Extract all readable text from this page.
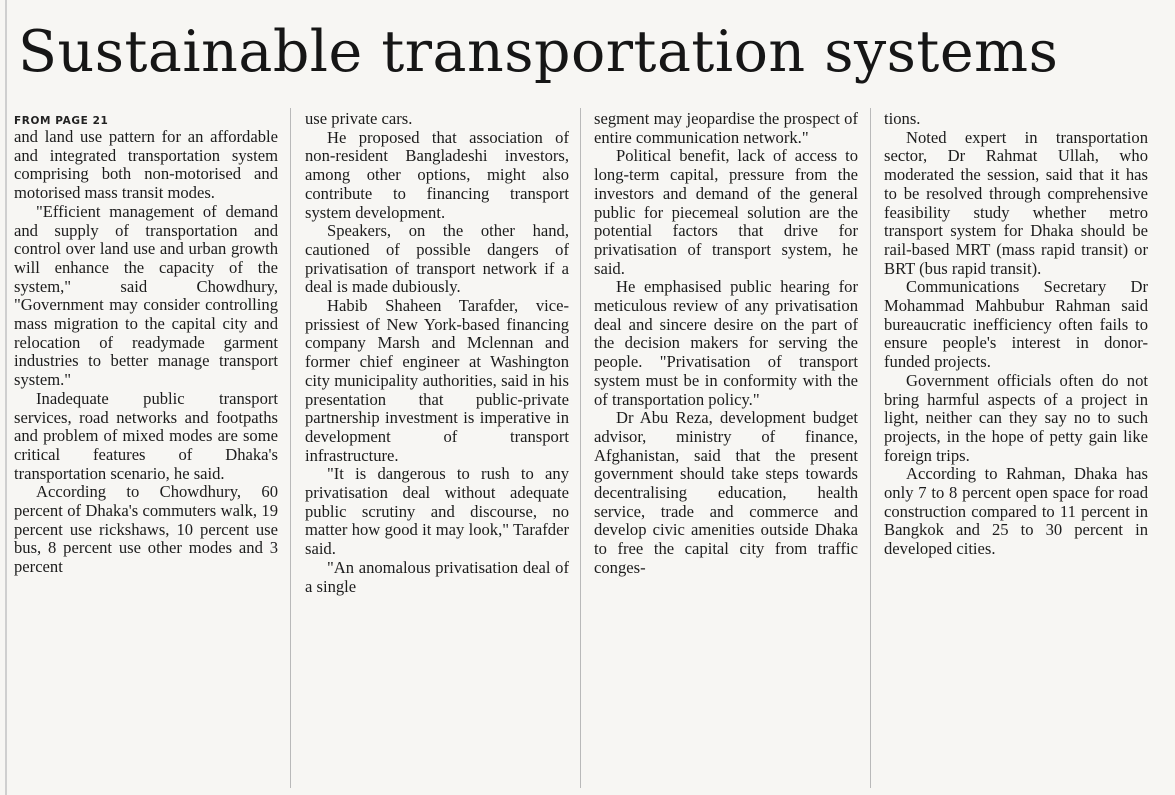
Sustainable transportation systems
FROM PAGE 21

and land use pattern for an affordable and integrated transportation system comprising both non-motorised and motorised mass transit modes.

"Efficient management of demand and supply of transportation and control over land use and urban growth will enhance the capacity of the system," said Chowdhury, "Government may consider controlling mass migration to the capital city and relocation of readymade garment industries to better manage transport system."

Inadequate public transport services, road networks and footpaths and problem of mixed modes are some critical features of Dhaka's transportation scenario, he said.

According to Chowdhury, 60 percent of Dhaka's commuters walk, 19 percent use rickshaws, 10 percent use bus, 8 percent use other modes and 3 percent

use private cars.

He proposed that association of non-resident Bangladeshi investors, among other options, might also contribute to financing transport system development.

Speakers, on the other hand, cautioned of possible dangers of privatisation of transport network if a deal is made dubiously.

Habib Shaheen Tarafder, vice-prissiest of New York-based financing company Marsh and Mclennan and former chief engineer at Washington city municipality authorities, said in his presentation that public-private partnership investment is imperative in development of transport infrastructure.

"It is dangerous to rush to any privatisation deal without adequate public scrutiny and discourse, no matter how good it may look," Tarafder said.

"An anomalous privatisation deal of a single

segment may jeopardise the prospect of entire communication network."

Political benefit, lack of access to long-term capital, pressure from the investors and demand of the general public for piecemeal solution are the potential factors that drive for privatisation of transport system, he said.

He emphasised public hearing for meticulous review of any privatisation deal and sincere desire on the part of the decision makers for serving the people. "Privatisation of transport system must be in conformity with the of transportation policy."

Dr Abu Reza, development budget advisor, ministry of finance, Afghanistan, said that the present government should take steps towards decentralising education, health service, trade and commerce and develop civic amenities outside Dhaka to free the capital city from traffic conges-

tions.

Noted expert in transportation sector, Dr Rahmat Ullah, who moderated the session, said that it has to be resolved through comprehensive feasibility study whether metro transport system for Dhaka should be rail-based MRT (mass rapid transit) or BRT (bus rapid transit).

Communications Secretary Dr Mohammad Mahbubur Rahman said bureaucratic inefficiency often fails to ensure people's interest in donor-funded projects.

Government officials often do not bring harmful aspects of a project in light, neither can they say no to such projects, in the hope of petty gain like foreign trips.

According to Rahman, Dhaka has only 7 to 8 percent open space for road construction compared to 11 percent in Bangkok and 25 to 30 percent in developed cities.
